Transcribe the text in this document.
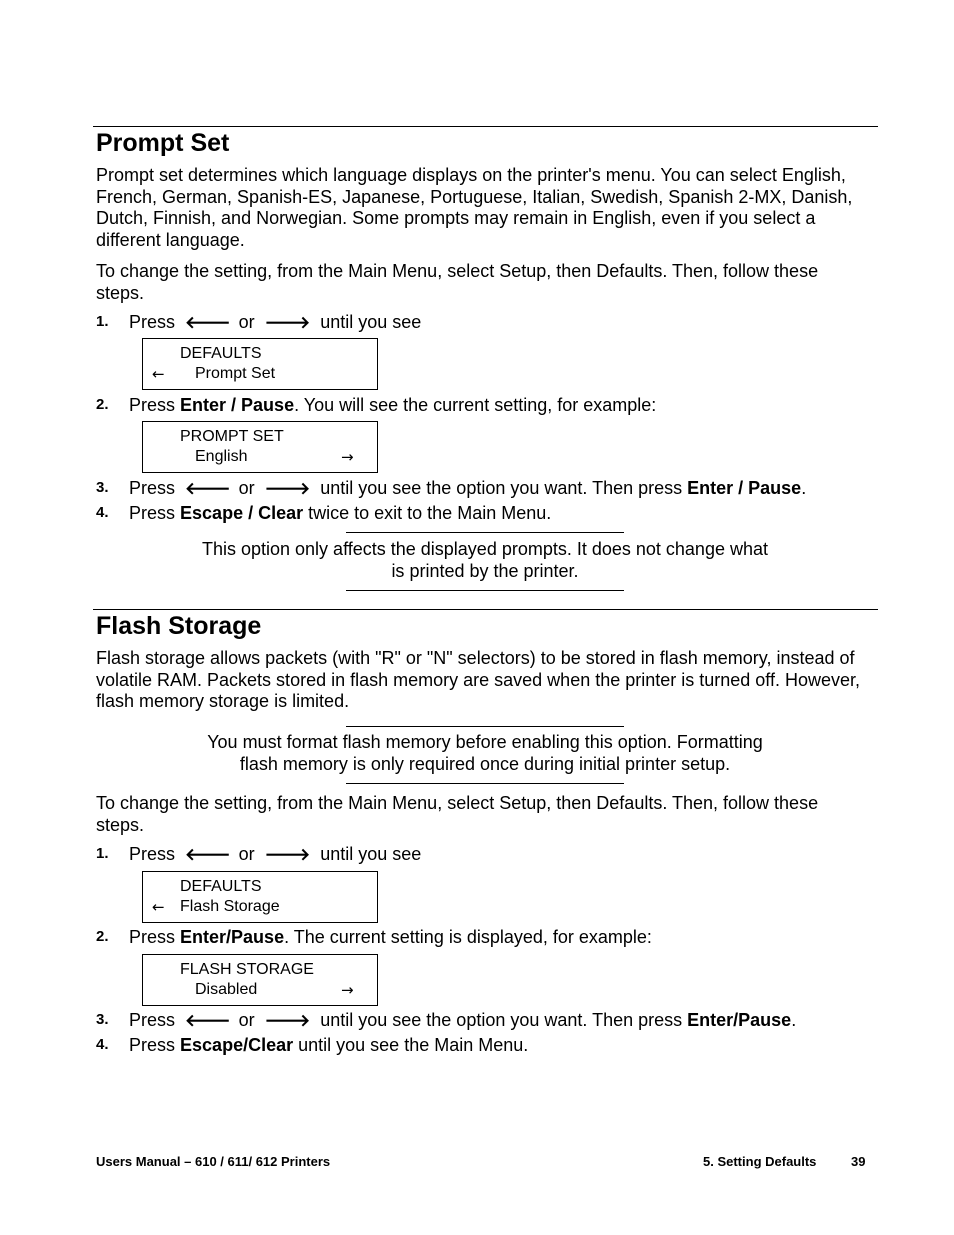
Prompt Set

Prompt set determines which language displays on the printer's menu. You can select English, French, German, Spanish-ES, Japanese, Portuguese, Italian, Swedish, Spanish 2-MX, Danish, Dutch, Finnish, and Norwegian. Some prompts may remain in English, even if you select a different language.

To change the setting, from the Main Menu, select Setup, then Defaults. Then, follow these steps.

1.	Press 🡐 or 🡒 until you see
DEFAULTS
← Prompt Set
2.	Press Enter / Pause. You will see the current setting, for example:
PROMPT SET
English	→
3.	Press 🡐 or 🡒 until you see the option you want. Then press Enter / Pause.
4.	Press Escape / Clear twice to exit to the Main Menu.

This option only affects the displayed prompts. It does not change what
is printed by the printer.

Flash Storage

Flash storage allows packets (with "R" or "N" selectors) to be stored in flash memory, instead of volatile RAM. Packets stored in flash memory are saved when the printer is turned off. However, flash memory storage is limited.

You must format flash memory before enabling this option. Formatting
flash memory is only required once during initial printer setup.

To change the setting, from the Main Menu, select Setup, then Defaults. Then, follow these steps.

1.	Press 🡐 or 🡒 until you see
DEFAULTS
← Flash Storage
2.	Press Enter/Pause. The current setting is displayed, for example:
FLASH STORAGE
Disabled	→
3.	Press 🡐 or 🡒 until you see the option you want. Then press Enter/Pause.
4.	Press Escape/Clear until you see the Main Menu.
Users Manual – 610 / 611/ 612 Printers	5. Setting Defaults	39
